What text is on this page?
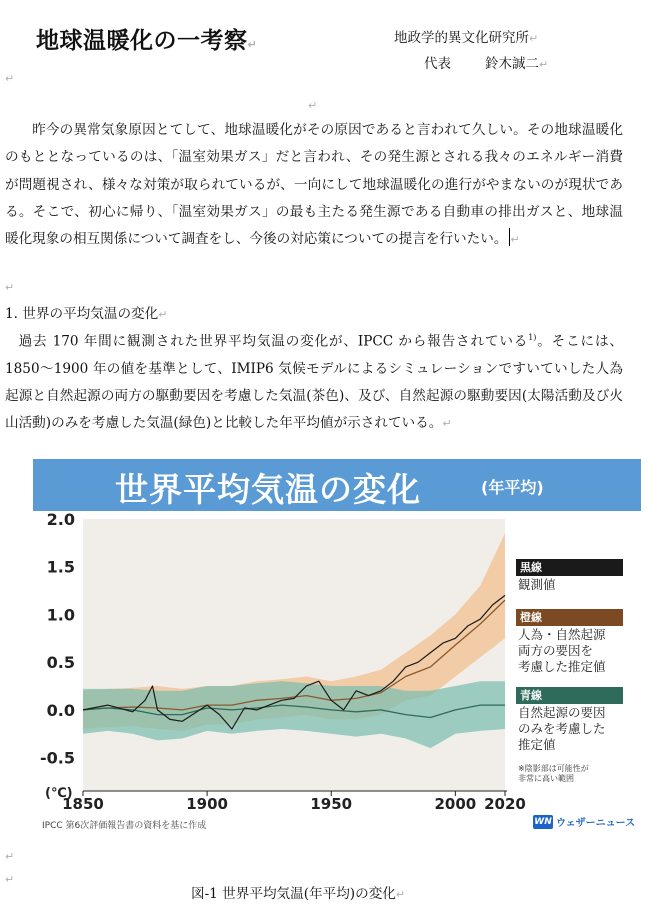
地球温暖化の一考察↵	地政学的異文化研究所↵
代表	鈴木誠二↵
↵
↵
昨今の異常気象原因とてして、地球温暖化がその原因であると言われて久しい。その地球温暖化のもととなっているのは、「温室効果ガス」だと言われ、その発生源とされる我々のエネルギー消費が問題視され、様々な対策が取られているが、一向にして地球温暖化の進行がやまないのが現状である。そこで、初心に帰り、「温室効果ガス」の最も主たる発生源である自動車の排出ガスと、地球温暖化現象の相互関係について調査をし、今後の対応策についての提言を行いたい。 ↵
↵
1. 世界の平均気温の変化↵
過去 170 年間に観測された世界平均気温の変化が、IPCC から報告されている$^{1)}$。そこには、1850～1900 年の値を基準として、IMIP6 気候モデルによるシミュレーションですいていした人為起源と自然起源の両方の駆動要因を考慮した気温(茶色)、及び、自然起源の駆動要因(太陽活動及び火山活動)のみを考慮した気温(緑色)と比較した年平均値が示されている。↵
世界平均気温の変化	(年平均)
2.0
1.5
1.0
0.5
0.0
-0.5
(℃)
1850	1900	1950	2000 2020
黒線
観測値
橙線
人為・自然起源
両方の要因を
考慮した推定値
青線
自然起源の要因
のみを考慮した
推定値
※陰影部は可能性が
非常に高い範囲
IPCC 第6次評価報告書の資料を基に作成	WN ウェザーニュース
↵
↵
図-1 世界平均気温(年平均)の変化↵
